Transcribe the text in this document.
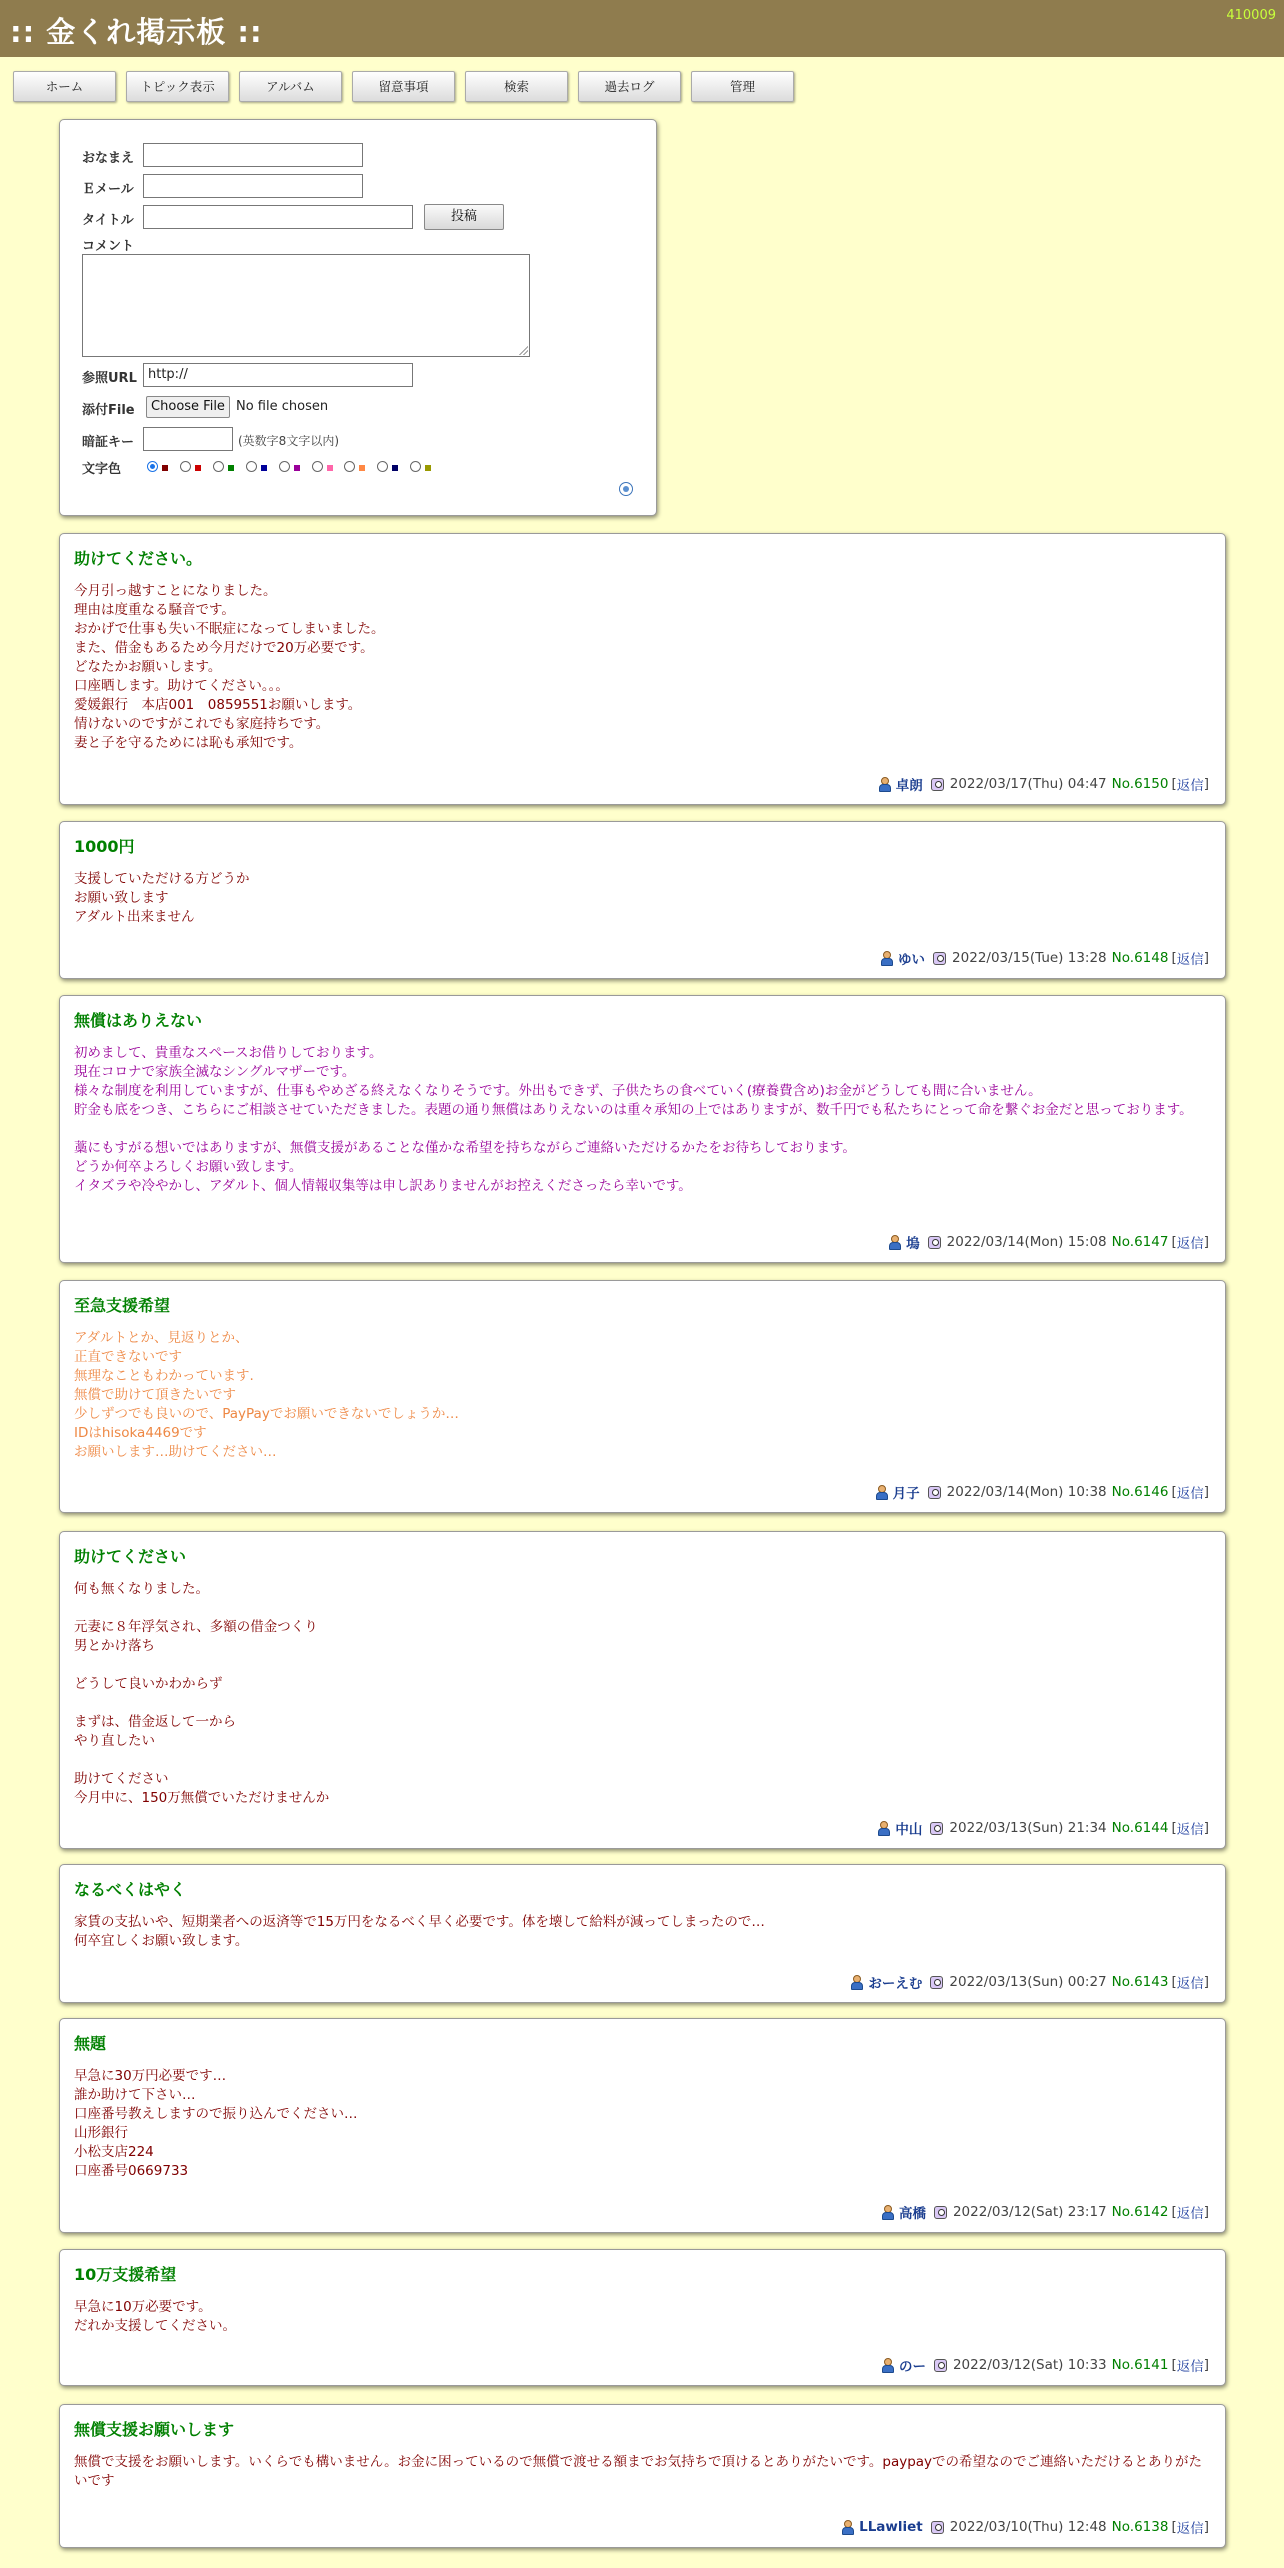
:: 金くれ掲示板 ::	410009
ホーム	トピック表示	アルバム	留意事項	検索	過去ログ	管理
おなまえ
Ｅメール
タイトル	投稿
コメント
参照URL http://
添付File	Choose File No file chosen
暗証キー	(英数字8文字以内)
文字色
助けてください。
今月引っ越すことになりました。
理由は度重なる騒音です。
おかげで仕事も失い不眠症になってしまいました。
また、借金もあるため今月だけで20万必要です。
どなたかお願いします。
口座晒します。助けてください。。。
愛媛銀行　本店001　0859551お願いします。
情けないのですがこれでも家庭持ちです。
妻と子を守るためには恥も承知です。
卓朗 2022/03/17(Thu) 04:47 No.6150 [ 返信 ]
1000円
支援していただける方どうか
お願い致します
アダルト出来ません
ゆい 2022/03/15(Tue) 13:28 No.6148 [ 返信 ]
無償はありえない
初めまして、貴重なスペースお借りしております。
現在コロナで家族全滅なシングルマザーです。
様々な制度を利用していますが、仕事もやめざる終えなくなりそうです。外出もできず、子供たちの食べていく(療養費含め)お金がどうしても間に合いません。
貯金も底をつき、こちらにご相談させていただきました。表題の通り無償はありえないのは重々承知の上ではありますが、数千円でも私たちにとって命を繋ぐお金だと思っております。

藁にもすがる想いではありますが、無償支援があることな僅かな希望を持ちながらご連絡いただけるかたをお待ちしております。
どうか何卒よろしくお願い致します。
イタズラや冷やかし、アダルト、個人情報収集等は申し訳ありませんがお控えくださったら幸いです。
塢 2022/03/14(Mon) 15:08 No.6147 [ 返信 ]
至急支援希望
アダルトとか、見返りとか、
正直できないです
無理なこともわかっています.
無償で助けて頂きたいです
少しずつでも良いので、PayPayでお願いできないでしょうか…
IDはhisoka4469です
お願いします…助けてください…
月子 2022/03/14(Mon) 10:38 No.6146 [ 返信 ]
助けてください
何も無くなりました。

元妻に８年浮気され、多額の借金つくり
男とかけ落ち

どうして良いかわからず

まずは、借金返して一から
やり直したい

助けてください
今月中に、150万無償でいただけませんか
中山 2022/03/13(Sun) 21:34 No.6144 [ 返信 ]
なるべくはやく
家賃の支払いや、短期業者への返済等で15万円をなるべく早く必要です。体を壊して給料が減ってしまったので…
何卒宜しくお願い致します。
おーえむ 2022/03/13(Sun) 00:27 No.6143 [ 返信 ]
無題
早急に30万円必要です…
誰か助けて下さい…
口座番号教えしますので振り込んでください…
山形銀行
小松支店224
口座番号0669733
高橋 2022/03/12(Sat) 23:17 No.6142 [ 返信 ]
10万支援希望
早急に10万必要です。
だれか支援してください。
のー 2022/03/12(Sat) 10:33 No.6141 [ 返信 ]
無償支援お願いします
無償で支援をお願いします。いくらでも構いません。お金に困っているので無償で渡せる額までお気持ちで頂けるとありがたいです。paypayでの希望なのでご連絡いただけるとありがたいです
LLawliet 2022/03/10(Thu) 12:48 No.6138 [ 返信 ]
